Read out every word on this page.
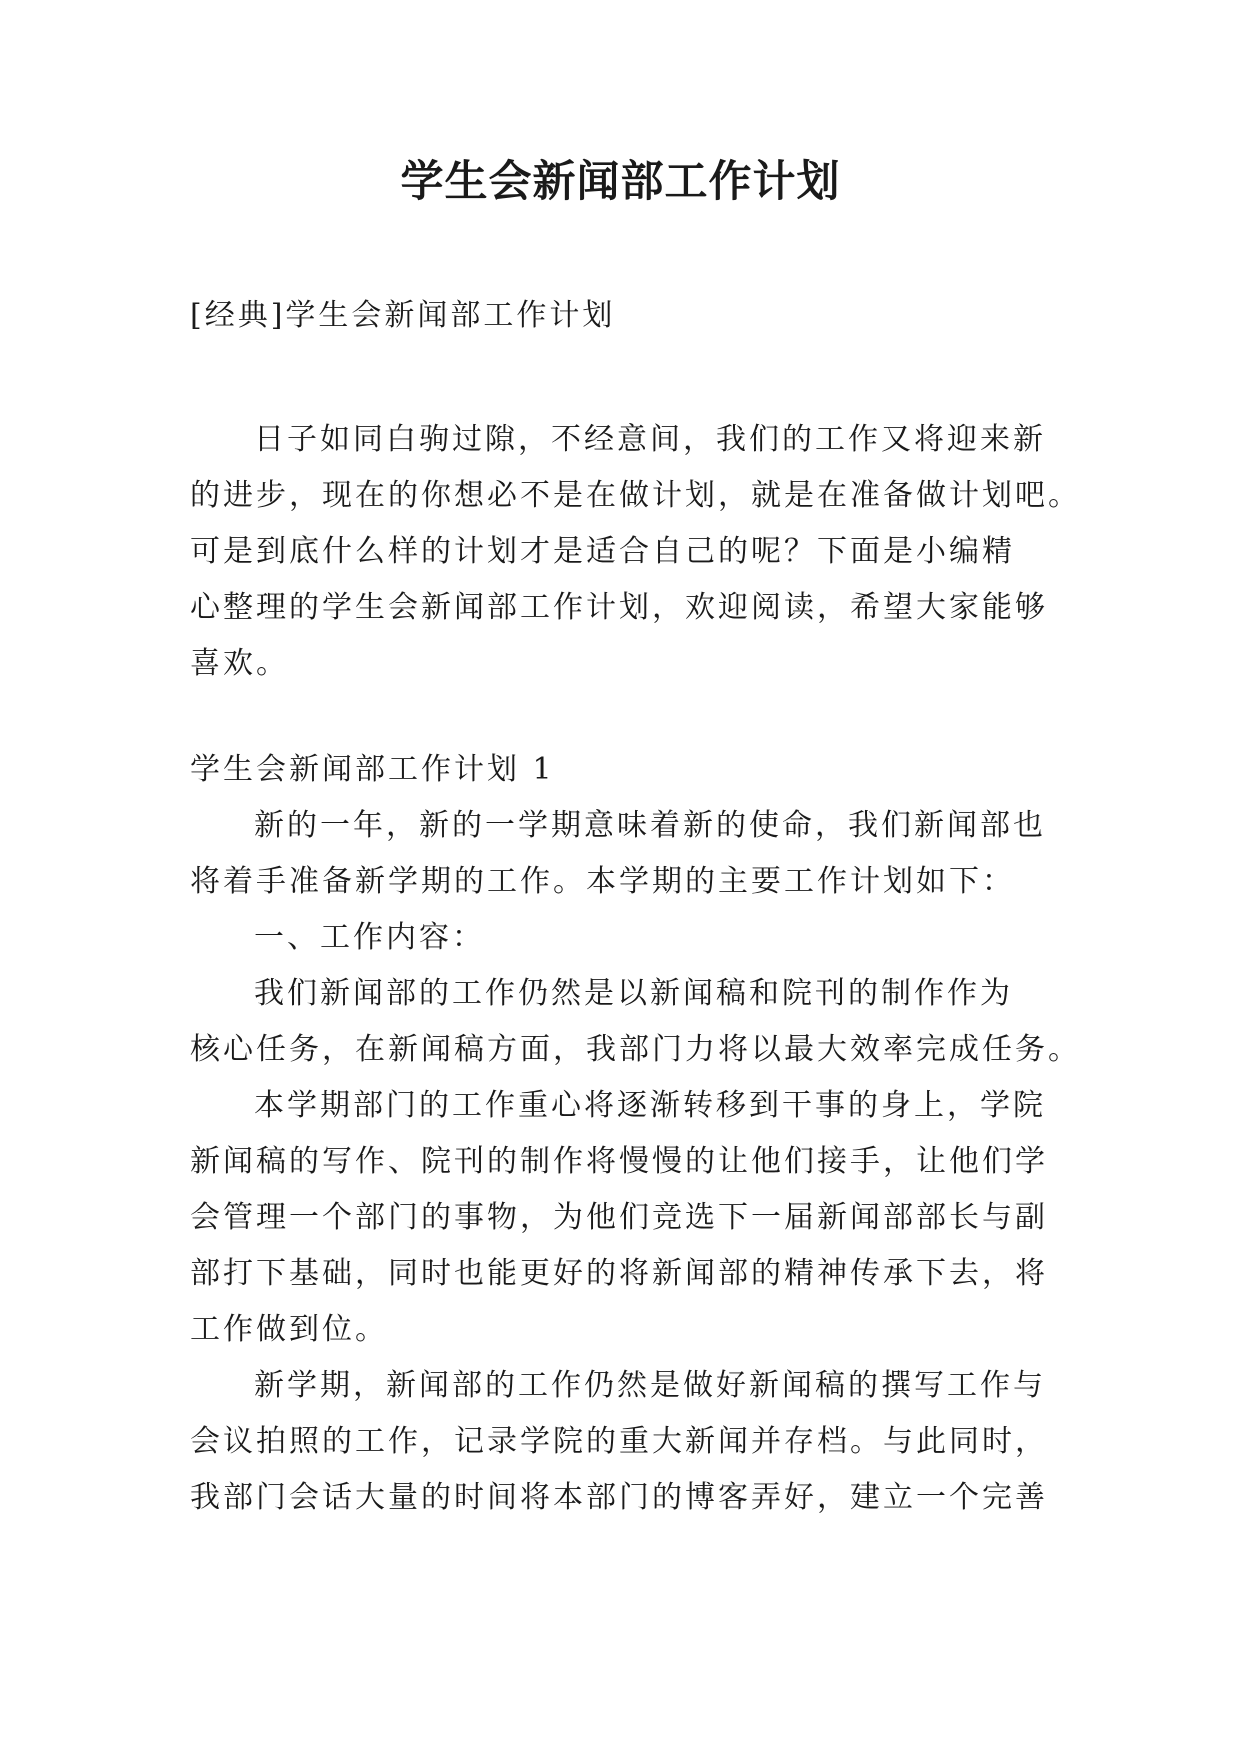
学生会新闻部工作计划
[经典]学生会新闻部工作计划
日子如同白驹过隙，不经意间，我们的工作又将迎来新
的进步，现在的你想必不是在做计划，就是在准备做计划吧。
可是到底什么样的计划才是适合自己的呢？下面是小编精
心整理的学生会新闻部工作计划，欢迎阅读，希望大家能够
喜欢。
学生会新闻部工作计划 1
新的一年，新的一学期意味着新的使命，我们新闻部也
将着手准备新学期的工作。本学期的主要工作计划如下：
一、工作内容：
我们新闻部的工作仍然是以新闻稿和院刊的制作作为
核心任务，在新闻稿方面，我部门力将以最大效率完成任务。
本学期部门的工作重心将逐渐转移到干事的身上，学院
新闻稿的写作、院刊的制作将慢慢的让他们接手，让他们学
会管理一个部门的事物，为他们竞选下一届新闻部部长与副
部打下基础，同时也能更好的将新闻部的精神传承下去，将
工作做到位。
新学期，新闻部的工作仍然是做好新闻稿的撰写工作与
会议拍照的工作，记录学院的重大新闻并存档。与此同时，
我部门会话大量的时间将本部门的博客弄好，建立一个完善
